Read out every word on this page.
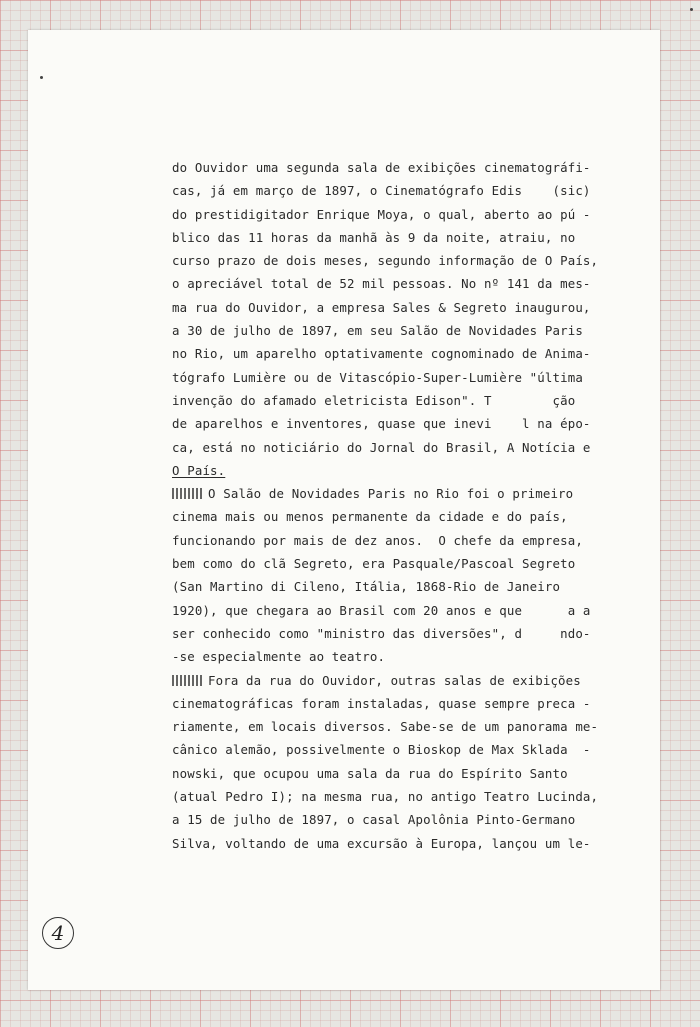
do Ouvidor uma segunda sala de exibições cinematográfi-
cas, já em março de 1897, o Cinematógrafo Edis    (sic)
do prestidigitador Enrique Moya, o qual, aberto ao pú -
blico das 11 horas da manhã às 9 da noite, atraiu, no
curso prazo de dois meses, segundo informação de O País,
o apreciável total de 52 mil pessoas. No nº 141 da mes-
ma rua do Ouvidor, a empresa Sales & Segreto inaugurou,
a 30 de julho de 1897, em seu Salão de Novidades Paris
no Rio, um aparelho optativamente cognominado de Anima-
tógrafo Lumière ou de Vitascópio-Super-Lumière "última
invenção do afamado eletricista Edison". T        ção
de aparelhos e inventores, quase que inevi    l na épo-
ca, está no noticiário do Jornal do Brasil, A Notícia e
O País.
O Salão de Novidades Paris no Rio foi o primeiro
cinema mais ou menos permanente da cidade e do país,
funcionando por mais de dez anos.  O chefe da empresa,
bem como do clã Segreto, era Pasquale/Pascoal Segreto
(San Martino di Cileno, Itália, 1868-Rio de Janeiro
1920), que chegara ao Brasil com 20 anos e que      a a
ser conhecido como "ministro das diversões", d     ndo-
-se especialmente ao teatro.
Fora da rua do Ouvidor, outras salas de exibições
cinematográficas foram instaladas, quase sempre preca -
riamente, em locais diversos. Sabe-se de um panorama me-
cânico alemão, possivelmente o Bioskop de Max Sklada  -
nowski, que ocupou uma sala da rua do Espírito Santo
(atual Pedro I); na mesma rua, no antigo Teatro Lucinda,
a 15 de julho de 1897, o casal Apolônia Pinto-Germano
Silva, voltando de uma excursão à Europa, lançou um le-
4
